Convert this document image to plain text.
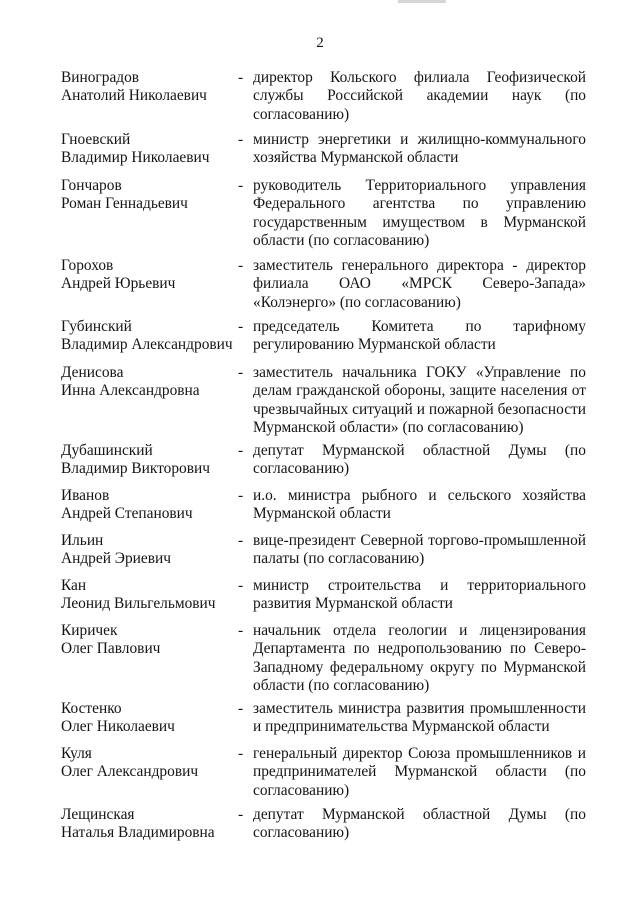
2
Виноградов
Анатолий Николаевич
- директор Кольского филиала Геофизической службы Российской академии наук (по согласованию)
Гноевский
Владимир Николаевич
- министр энергетики и жилищно-коммунального хозяйства Мурманской области
Гончаров
Роман Геннадьевич
- руководитель Территориального управления Федерального агентства по управлению государственным имуществом в Мурманской области (по согласованию)
Горохов
Андрей Юрьевич
- заместитель генерального директора - директор филиала ОАО «МРСК Северо-Запада» «Колэнерго» (по согласованию)
Губинский
Владимир Александрович
- председатель Комитета по тарифному регулированию Мурманской области
Денисова
Инна Александровна
- заместитель начальника ГОКУ «Управление по делам гражданской обороны, защите населения от чрезвычайных ситуаций и пожарной безопасности Мурманской области» (по согласованию)
Дубашинский
Владимир Викторович
- депутат Мурманской областной Думы (по согласованию)
Иванов
Андрей Степанович
- и.о. министра рыбного и сельского хозяйства Мурманской области
Ильин
Андрей Эриевич
- вице-президент Северной торгово-промышленной палаты (по согласованию)
Кан
Леонид Вильгельмович
- министр строительства и территориального развития Мурманской области
Киричек
Олег Павлович
- начальник отдела геологии и лицензирования Департамента по недропользованию по Северо-Западному федеральному округу по Мурманской области (по согласованию)
Костенко
Олег Николаевич
- заместитель министра развития промышленности и предпринимательства Мурманской области
Куля
Олег Александрович
- генеральный директор Союза промышленников и предпринимателей Мурманской области (по согласованию)
Лещинская
Наталья Владимировна
- депутат Мурманской областной Думы (по согласованию)
